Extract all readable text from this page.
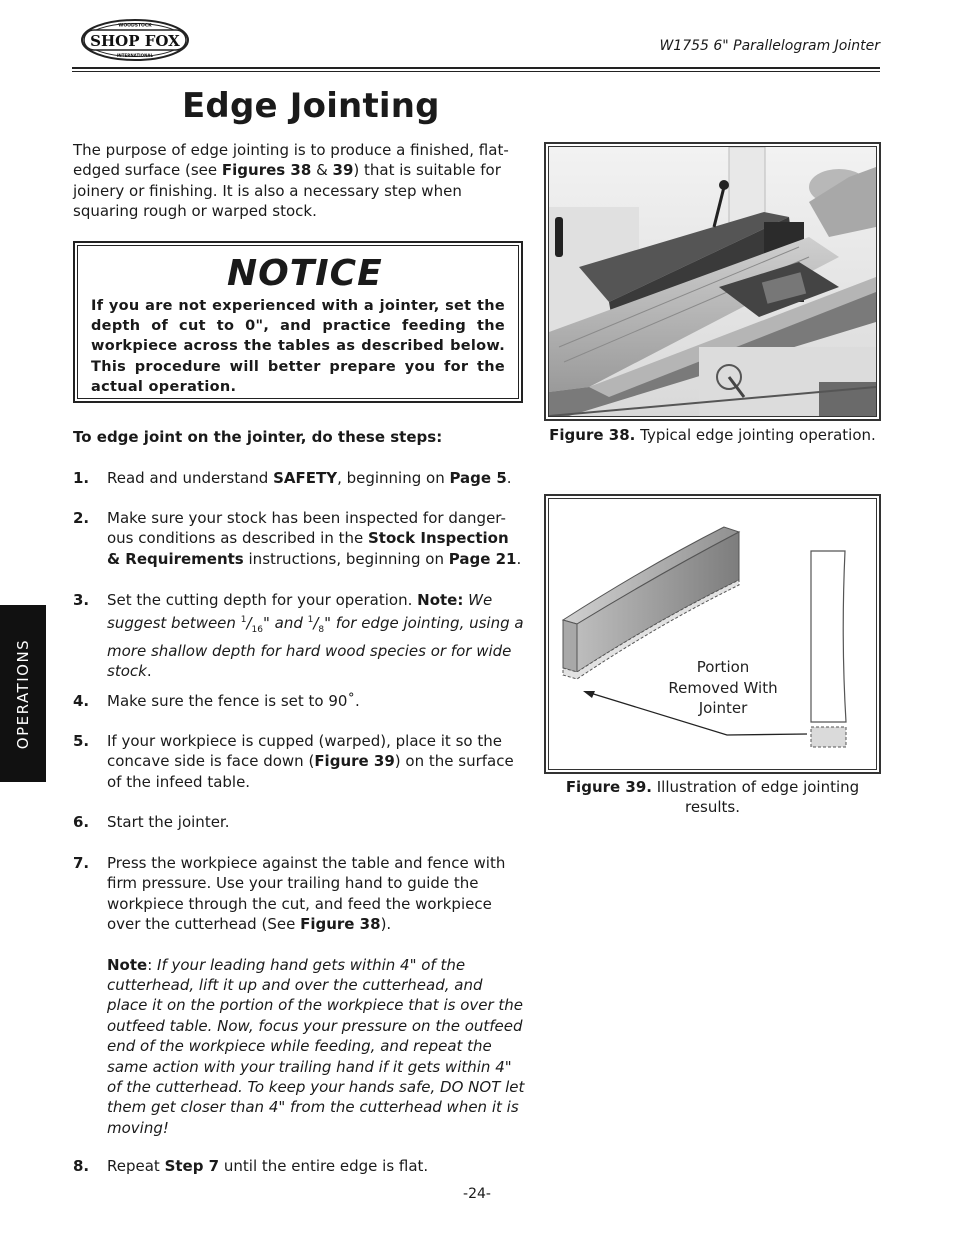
SHOP FOX
WOODSTOCK
INTERNATIONAL
W1755 6" Parallelogram Jointer
Edge Jointing

The purpose of edge jointing is to produce a finished, flat-edged surface (see Figures 38 & 39) that is suitable for joinery or finishing. It is also a necessary step when squaring rough or warped stock.

NOTICE

If you are not experienced with a jointer, set the depth of cut to 0", and practice feeding the workpiece across the tables as described below. This procedure will better prepare you for the actual operation.

To edge joint on the jointer, do these steps:

1. Read and understand SAFETY, beginning on Page 5.

2. Make sure your stock has been inspected for danger-ous conditions as described in the Stock Inspection & Requirements instructions, beginning on Page 21.

3. Set the cutting depth for your operation. Note: We suggest between $^1/_{16}$" and $^1/_8$" for edge jointing, using a more shallow depth for hard wood species or for wide stock.

4. Make sure the fence is set to 90˚.

5. If your workpiece is cupped (warped), place it so the concave side is face down (Figure 39) on the surface of the infeed table.

6. Start the jointer.

7. Press the workpiece against the table and fence with firm pressure. Use your trailing hand to guide the workpiece through the cut, and feed the workpiece over the cutterhead (See Figure 38).

Note: If your leading hand gets within 4" of the cutterhead, lift it up and over the cutterhead, and place it on the portion of the workpiece that is over the outfeed table. Now, focus your pressure on the outfeed end of the workpiece while feeding, and repeat the same action with your trailing hand if it gets within 4" of the cutterhead. To keep your hands safe, DO NOT let them get closer than 4" from the cutterhead when it is moving!

8. Repeat Step 7 until the entire edge is flat.

OPERATIONS
Figure 38. Typical edge jointing operation.
Portion
Removed With
Jointer
Figure 39. Illustration of edge jointing results.
-24-
